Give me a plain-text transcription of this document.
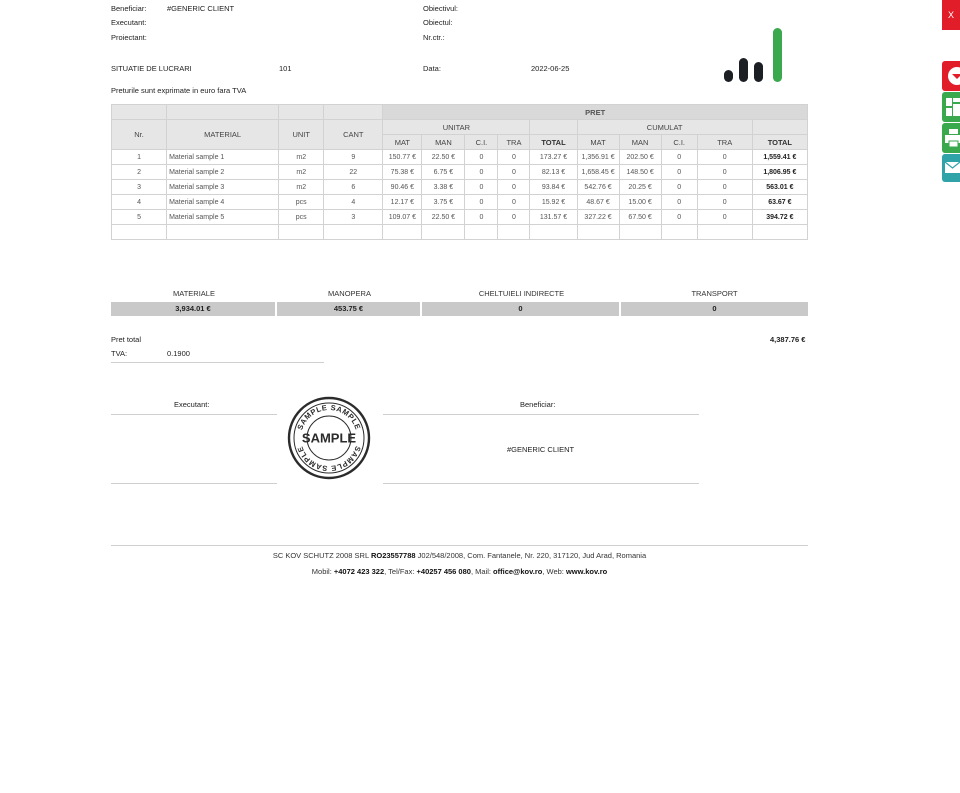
Beneficiar:	#GENERIC CLIENT
Executant:
Proiectant:
Obiectivul:
Obiectul:
Nr.ctr.:
SITUATIE DE LUCRARI	101	Data:	2022-06-25
Preturile sunt exprimate in euro fara TVA
				PRET									
Nr.	MATERIAL	UNIT	CANT	UNITAR					CUMULAT				
				MAT	MAN	C.I.	TRA	TOTAL	MAT	MAN	C.I.	TRA	TOTAL
1	Material sample 1	m2	9	150.77 €	22.50 €	0	0	173.27 €	1,356.91 €	202.50 €	0	0	1,559.41 €
2	Material sample 2	m2	22	75.38 €	6.75 €	0	0	82.13 €	1,658.45 €	148.50 €	0	0	1,806.95 €
3	Material sample 3	m2	6	90.46 €	3.38 €	0	0	93.84 €	542.76 €	20.25 €	0	0	563.01 €
4	Material sample 4	pcs	4	12.17 €	3.75 €	0	0	15.92 €	48.67 €	15.00 €	0	0	63.67 €
5	Material sample 5	pcs	3	109.07 €	22.50 €	0	0	131.57 €	327.22 €	67.50 €	0	0	394.72 €

MATERIALE	MANOPERA	CHELTUIELI INDIRECTE	TRANSPORT
3,934.01 €	453.75 €	0	0
Pret total	4,387.76 €
TVA:	0.1900
Executant:	Beneficiar:
#GENERIC CLIENT
SAMPLE SAMPLE
SAMPLE SAMPLE
SAMPLE
SC KOV SCHUTZ 2008 SRL RO23557788 J02/548/2008, Com. Fantanele, Nr. 220, 317120, Jud Arad, Romania
Mobil: +4072 423 322, Tel/Fax: +40257 456 080, Mail: office@kov.ro, Web: www.kov.ro
X
